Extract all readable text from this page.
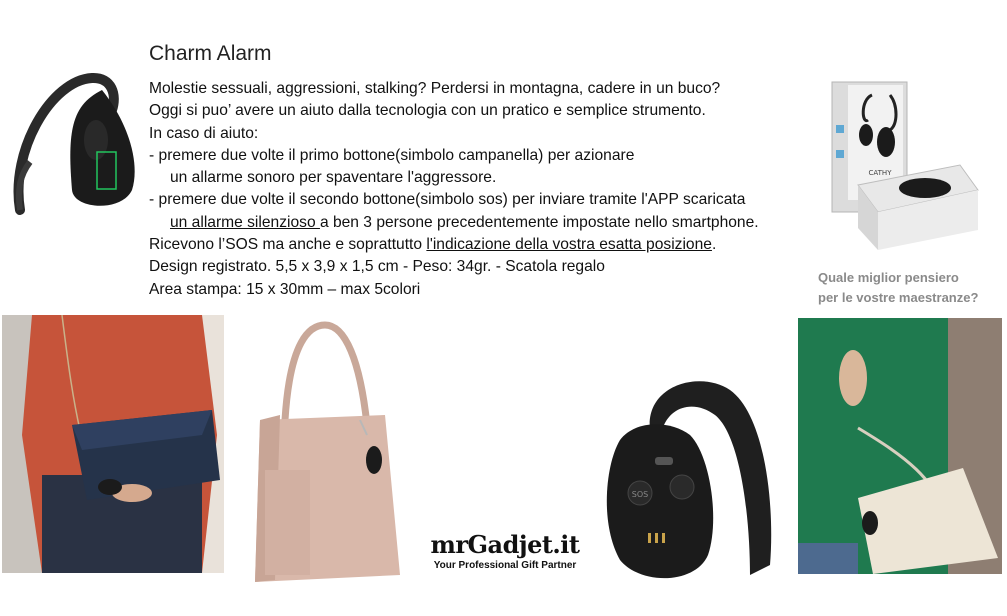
Charm Alarm
Molestie sessuali, aggressioni, stalking? Perdersi in montagna, cadere in un buco?
Oggi si puo’ avere un aiuto dalla tecnologia con un pratico e semplice strumento.
In caso di aiuto:
- premere due volte il primo bottone(simbolo campanella) per azionare
un allarme sonoro per spaventare l'aggressore.
- premere due volte il secondo bottone(simbolo sos) per inviare tramite l'APP scaricata
un allarme silenzioso a ben 3 persone precedentemente impostate nello smartphone.
Ricevono l’SOS ma anche e soprattutto l'indicazione della vostra esatta posizione.
Design registrato. 5,5 x 3,9 x 1,5 cm - Peso: 34gr. - Scatola regalo
Area stampa: 15 x 30mm – max 5colori
CATHY
Quale miglior pensiero
per le vostre maestranze?
mrGadjet.it
Your Professional Gift Partner
SOS
